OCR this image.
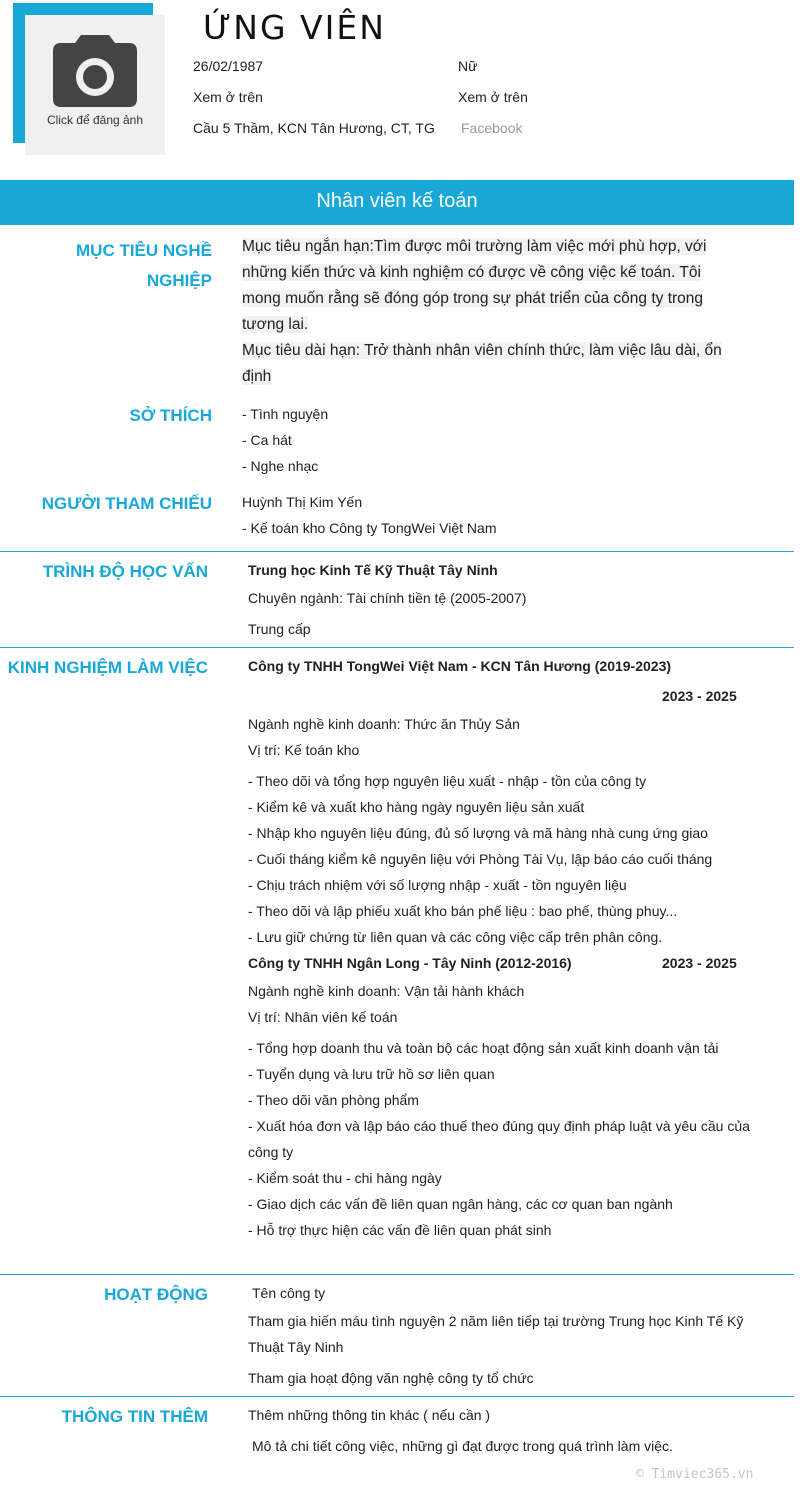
Click để đăng ảnh
ỨNG VIÊN
26/02/1987	Nữ
Xem ở trên	Xem ở trên
Cầu 5 Thầm, KCN Tân Hương, CT, TG Facebook
Nhân viên kế toán
MỤC TIÊU NGHỀ
NGHIỆP
Mục tiêu ngắn hạn:Tìm được môi trường làm việc mới phù hợp, với
những kiến thức và kinh nghiệm có được về công việc kế toán. Tôi
mong muốn rằng sẽ đóng góp trong sự phát triển của công ty trong
tương lai.
Mục tiêu dài hạn: Trở thành nhân viên chính thức, làm việc lâu dài, ổn
định
SỞ THÍCH - Tình nguyện
- Ca hát
- Nghe nhạc
NGƯỜI THAM CHIẾU Huỳnh Thị Kim Yến
- Kế toán kho Công ty TongWei Việt Nam
TRÌNH ĐỘ HỌC VẤN	Trung học Kinh Tế Kỹ Thuật Tây Ninh
Chuyên ngành: Tài chính tiền tệ (2005-2007)
Trung cấp
KINH NGHIỆM LÀM VIỆC	Công ty TNHH TongWei Việt Nam - KCN Tân Hương (2019-2023)
2023 - 2025
Ngành nghề kinh doanh: Thức ăn Thủy Sản
Vị trí: Kế toán kho
- Theo dõi và tổng hợp nguyên liệu xuất - nhập - tồn của công ty
- Kiểm kê và xuất kho hàng ngày nguyên liệu sản xuất
- Nhập kho nguyên liệu đúng, đủ số lượng và mã hàng nhà cung ứng giao
- Cuối tháng kiểm kê nguyên liệu với Phòng Tài Vụ, lập báo cáo cuối tháng
- Chịu trách nhiệm với số lượng nhập - xuất - tồn nguyên liệu
- Theo dõi và lập phiếu xuất kho bán phế liệu : bao phế, thùng phuy...
- Lưu giữ chứng từ liên quan và các công việc cấp trên phân công.
Công ty TNHH Ngân Long - Tây Ninh (2012-2016)	2023 - 2025
Ngành nghề kinh doanh: Vận tải hành khách
Vị trí: Nhân viên kế toán
- Tổng hợp doanh thu và toàn bộ các hoạt động sản xuất kinh doanh vận tải
- Tuyển dụng và lưu trữ hồ sơ liên quan
- Theo dõi văn phòng phẩm
- Xuất hóa đơn và lập báo cáo thuế theo đúng quy định pháp luật và yêu cầu của
công ty
- Kiểm soát thu - chi hàng ngày
- Giao dịch các vấn đề liên quan ngân hàng, các cơ quan ban ngành
- Hỗ trợ thực hiện các vấn đề liên quan phát sinh
HOẠT ĐỘNG	Tên công ty
Tham gia hiến máu tình nguyện 2 năm liên tiếp tại trường Trung học Kinh Tế Kỹ
Thuật Tây Ninh
Tham gia hoạt động văn nghệ công ty tổ chức
THÔNG TIN THÊM	Thêm những thông tin khác ( nếu cần )
Mô tả chi tiết công việc, những gì đạt được trong quá trình làm việc.
© Timviec365.vn
